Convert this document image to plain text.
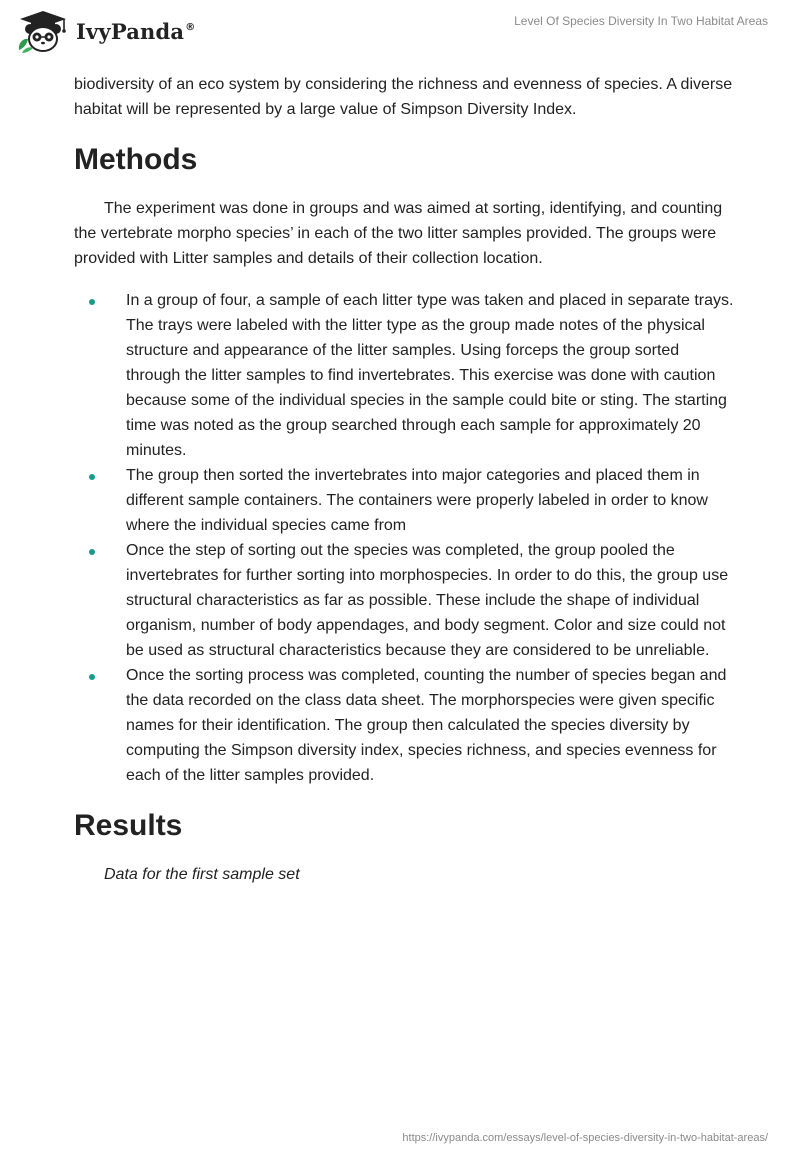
IvyPanda®	Level Of Species Diversity In Two Habitat Areas

biodiversity of an eco system by considering the richness and evenness of species. A diverse habitat will be represented by a large value of Simpson Diversity Index.

Methods

The experiment was done in groups and was aimed at sorting, identifying, and counting the vertebrate morpho species’ in each of the two litter samples provided. The groups were provided with Litter samples and details of their collection location.

In a group of four, a sample of each litter type was taken and placed in separate trays. The trays were labeled with the litter type as the group made notes of the physical structure and appearance of the litter samples. Using forceps the group sorted through the litter samples to find invertebrates. This exercise was done with caution because some of the individual species in the sample could bite or sting. The starting time was noted as the group searched through each sample for approximately 20 minutes.
The group then sorted the invertebrates into major categories and placed them in different sample containers. The containers were properly labeled in order to know where the individual species came from
Once the step of sorting out the species was completed, the group pooled the invertebrates for further sorting into morphospecies. In order to do this, the group use structural characteristics as far as possible. These include the shape of individual organism, number of body appendages, and body segment. Color and size could not be used as structural characteristics because they are considered to be unreliable.
Once the sorting process was completed, counting the number of species began and the data recorded on the class data sheet. The morphorspecies were given specific names for their identification. The group then calculated the species diversity by computing the Simpson diversity index, species richness, and species evenness for each of the litter samples provided.
Results

Data for the first sample set

https://ivypanda.com/essays/level-of-species-diversity-in-two-habitat-areas/
